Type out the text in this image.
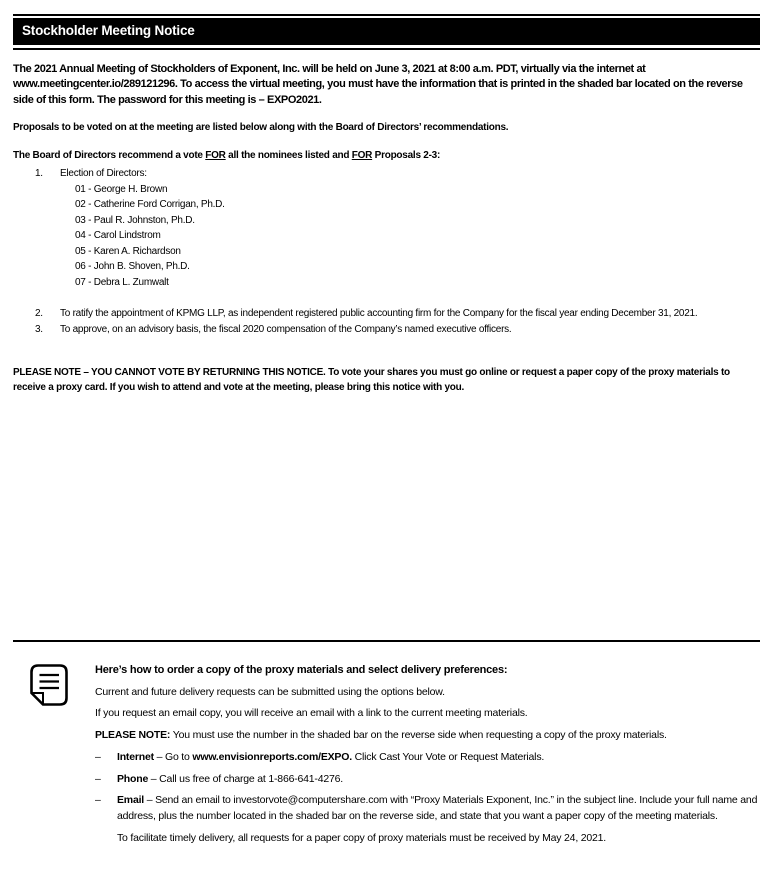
Stockholder Meeting Notice

The 2021 Annual Meeting of Stockholders of Exponent, Inc. will be held on June 3, 2021 at 8:00 a.m. PDT, virtually via the internet at www.meetingcenter.io/289121296. To access the virtual meeting, you must have the information that is printed in the shaded bar located on the reverse side of this form. The password for this meeting is – EXPO2021.

Proposals to be voted on at the meeting are listed below along with the Board of Directors’ recommendations.

The Board of Directors recommend a vote FOR all the nominees listed and FOR Proposals 2-3:

1.	Election of Directors:
01 - George H. Brown
02 - Catherine Ford Corrigan, Ph.D.
03 - Paul R. Johnston, Ph.D.
04 - Carol Lindstrom
05 - Karen A. Richardson
06 - John B. Shoven, Ph.D.
07 - Debra L. Zumwalt
2.	To ratify the appointment of KPMG LLP, as independent registered public accounting firm for the Company for the fiscal year ending December 31, 2021.
3.	To approve, on an advisory basis, the fiscal 2020 compensation of the Company’s named executive officers.

PLEASE NOTE – YOU CANNOT VOTE BY RETURNING THIS NOTICE. To vote your shares you must go online or request a paper copy of the proxy materials to receive a proxy card. If you wish to attend and vote at the meeting, please bring this notice with you.

Here’s how to order a copy of the proxy materials and select delivery preferences:

Current and future delivery requests can be submitted using the options below.

If you request an email copy, you will receive an email with a link to the current meeting materials.

PLEASE NOTE: You must use the number in the shaded bar on the reverse side when requesting a copy of the proxy materials.

–	Internet – Go to www.envisionreports.com/EXPO. Click Cast Your Vote or Request Materials.
–	Phone – Call us free of charge at 1-866-641-4276.
–	Email – Send an email to investorvote@computershare.com with “Proxy Materials Exponent, Inc.” in the subject line. Include your full name and address, plus the number located in the shaded bar on the reverse side, and state that you want a paper copy of the meeting materials.

To facilitate timely delivery, all requests for a paper copy of proxy materials must be received by May 24, 2021.
